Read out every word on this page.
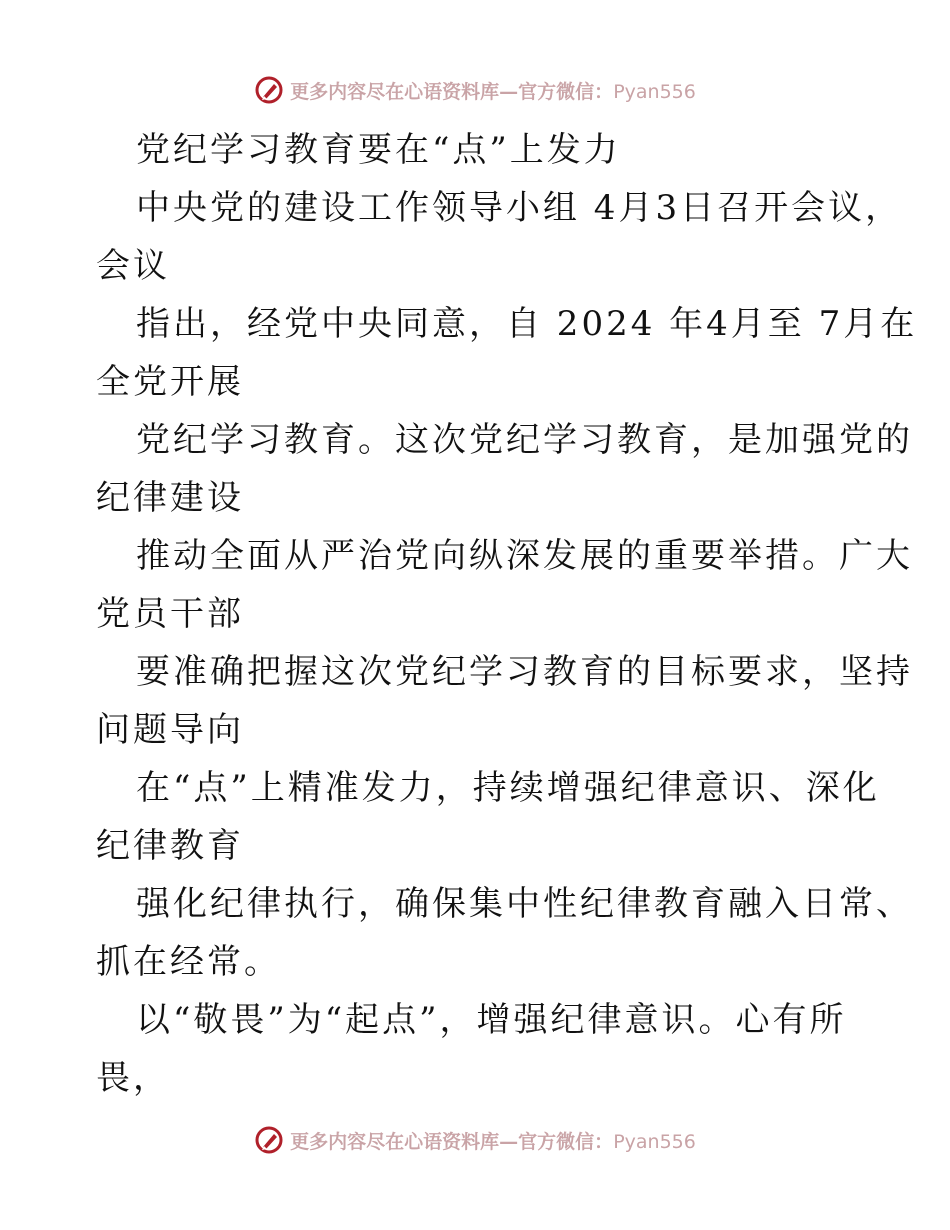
更多内容尽在心语资料库—官方微信：Pyan556
党纪学习教育要在“点”上发力
中央党的建设工作领导小组 4月3日召开会议，
会议
指出，经党中央同意，自 2024 年4月至 7月在
全党开展
党纪学习教育。这次党纪学习教育，是加强党的
纪律建设
推动全面从严治党向纵深发展的重要举措。广大
党员干部
要准确把握这次党纪学习教育的目标要求，坚持
问题导向
在“点”上精准发力，持续增强纪律意识、深化
纪律教育
强化纪律执行，确保集中性纪律教育融入日常、
抓在经常。
以“敬畏”为“起点”，增强纪律意识。心有所
畏，
更多内容尽在心语资料库—官方微信：Pyan556
